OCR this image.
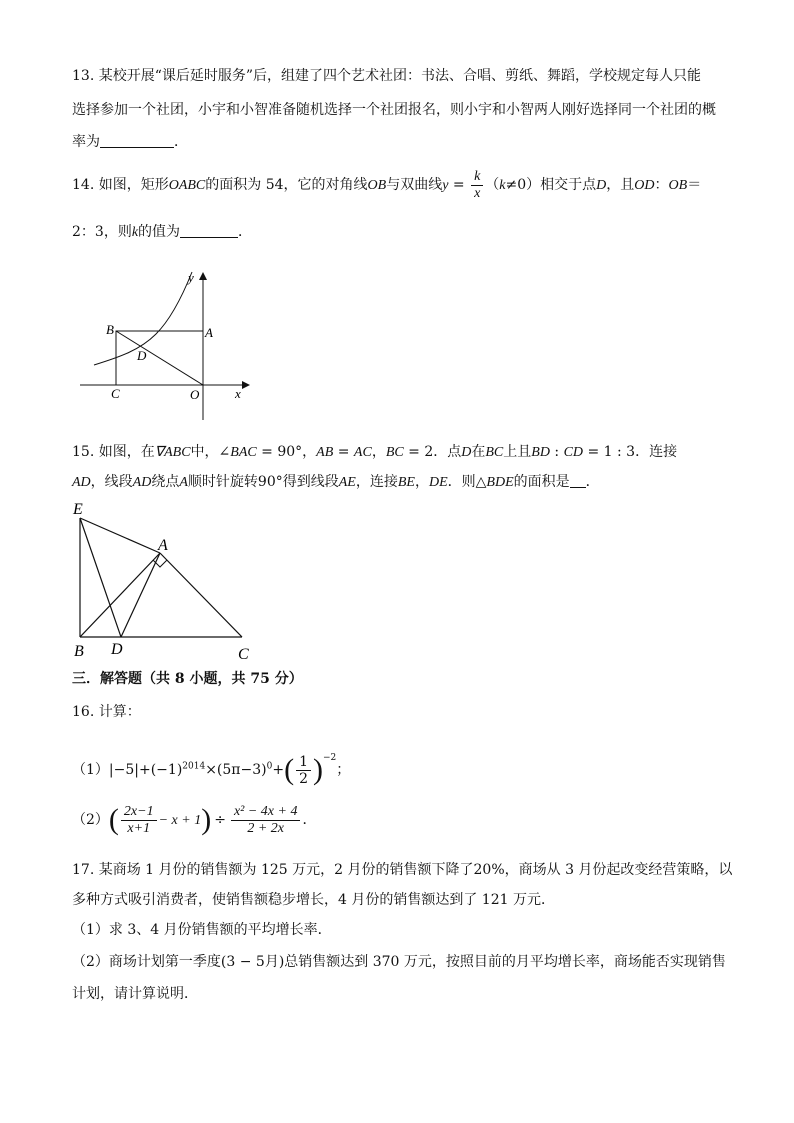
13. 某校开展“课后延时服务”后，组建了四个艺术社团：书法、合唱、剪纸、舞蹈，学校规定每人只能
选择参加一个社团，小宇和小智准备随机选择一个社团报名，则小宇和小智两人刚好选择同一个社团的概
率为	．
14. 如图，矩形OABC的面积为 54，它的对角线OB与双曲线$y = \frac{k}{x} (k\ne 0)$相交于点D，且OD：OB＝
2：3，则k的值为	．
y
x
B	A
D
C	O
15. 如图，在∇ABC中，∠BAC = 90°，AB = AC，BC = 2．点D在BC上且BD : CD = 1 : 3．连接
AD，线段AD绕点A顺时针旋转90°得到线段AE，连接BE，DE．则△BDE的面积是 ．
E
A
B D	C
三．解答题（共 8 小题，共 75 分）
16. 计算：
$(1)|-5|+(-1)^{2014}\times(5\pi-3)^0+( \frac{1}{2} )^{-2}$；
$(2)( \frac{2x-1}{x+1} - x + 1) \div \frac{\text{x² − 4x + 4}}{2 + 2x}$ ．
17. 某商场 1 月份的销售额为 125 万元，2 月份的销售额下降了20%，商场从 3 月份起改变经营策略，以
多种方式吸引消费者，使销售额稳步增长，4 月份的销售额达到了 121 万元．
（1）求 3、4 月份销售额的平均增长率．
（2）商场计划第一季度(3 − 5月)总销售额达到 370 万元，按照目前的月平均增长率，商场能否实现销售
计划，请计算说明．
